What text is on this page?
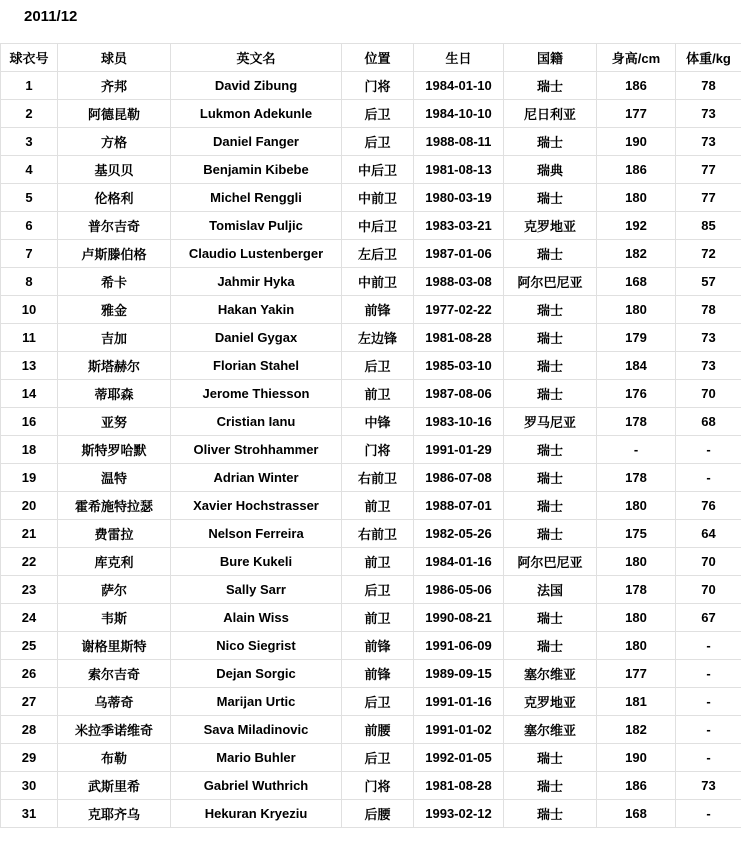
2011/12
球衣号	球员	英文名	位置	生日	国籍	身高/cm	体重/kg
1	齐邦	David Zibung	门将	1984-01-10	瑞士	186	78
2	阿德昆勒	Lukmon Adekunle	后卫	1984-10-10	尼日利亚	177	73
3	方格	Daniel Fanger	后卫	1988-08-11	瑞士	190	73
4	基贝贝	Benjamin Kibebe	中后卫	1981-08-13	瑞典	186	77
5	伦格利	Michel Renggli	中前卫	1980-03-19	瑞士	180	77
6	普尔吉奇	Tomislav Puljic	中后卫	1983-03-21	克罗地亚	192	85
7	卢斯滕伯格	Claudio Lustenberger	左后卫	1987-01-06	瑞士	182	72
8	希卡	Jahmir Hyka	中前卫	1988-03-08	阿尔巴尼亚	168	57
10	雅金	Hakan Yakin	前锋	1977-02-22	瑞士	180	78
11	吉加	Daniel Gygax	左边锋	1981-08-28	瑞士	179	73
13	斯塔赫尔	Florian Stahel	后卫	1985-03-10	瑞士	184	73
14	蒂耶森	Jerome Thiesson	前卫	1987-08-06	瑞士	176	70
16	亚努	Cristian Ianu	中锋	1983-10-16	罗马尼亚	178	68
18	斯特罗哈默	Oliver Strohhammer	门将	1991-01-29	瑞士	-	-
19	温特	Adrian Winter	右前卫	1986-07-08	瑞士	178	-
20	霍希施特拉瑟	Xavier Hochstrasser	前卫	1988-07-01	瑞士	180	76
21	费雷拉	Nelson Ferreira	右前卫	1982-05-26	瑞士	175	64
22	库克利	Bure Kukeli	前卫	1984-01-16	阿尔巴尼亚	180	70
23	萨尔	Sally Sarr	后卫	1986-05-06	法国	178	70
24	韦斯	Alain Wiss	前卫	1990-08-21	瑞士	180	67
25	谢格里斯特	Nico Siegrist	前锋	1991-06-09	瑞士	180	-
26	索尔吉奇	Dejan Sorgic	前锋	1989-09-15	塞尔维亚	177	-
27	乌蒂奇	Marijan Urtic	后卫	1991-01-16	克罗地亚	181	-
28	米拉季诺维奇	Sava Miladinovic	前腰	1991-01-02	塞尔维亚	182	-
29	布勒	Mario Buhler	后卫	1992-01-05	瑞士	190	-
30	武斯里希	Gabriel Wuthrich	门将	1981-08-28	瑞士	186	73
31	克耶齐乌	Hekuran Kryeziu	后腰	1993-02-12	瑞士	168	-
